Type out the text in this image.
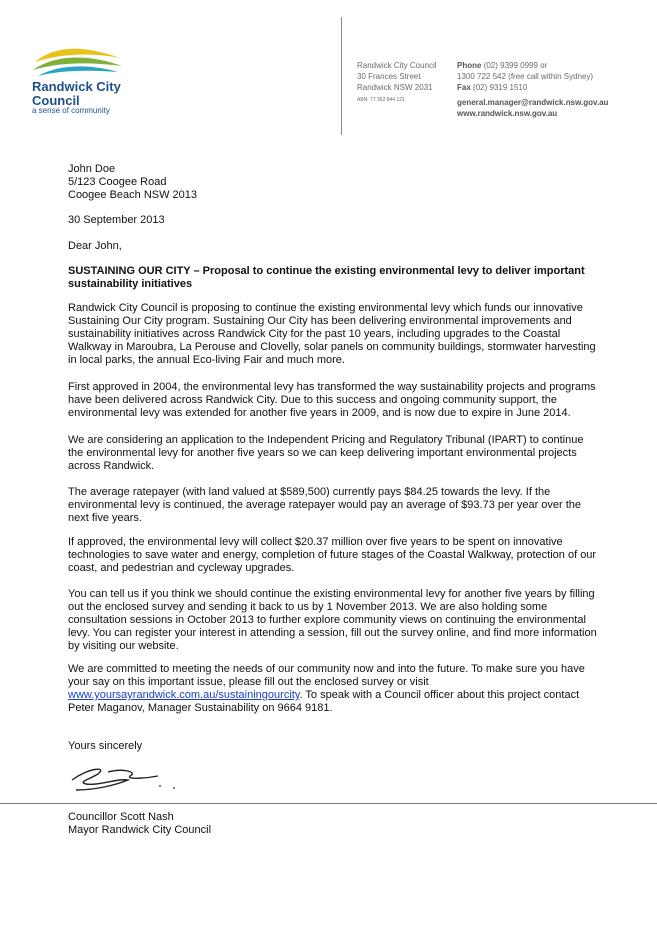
Randwick City
Council
a sense of community
Randwick City Council
30 Frances Street
Randwick NSW 2031
ABN: 77 362 844 121
Phone (02) 9399 0999 or
1300 722 542 (free call within Sydney)
Fax (02) 9319 1510
general.manager@randwick.nsw.gov.au
www.randwick.nsw.gov.au
John Doe
5/123 Coogee Road
Coogee Beach NSW 2013
30 September 2013
Dear John,
SUSTAINING OUR CITY – Proposal to continue the existing environmental levy to deliver important sustainability initiatives
Randwick City Council is proposing to continue the existing environmental levy which funds our innovative Sustaining Our City program. Sustaining Our City has been delivering environmental improvements and sustainability initiatives across Randwick City for the past 10 years, including upgrades to the Coastal Walkway in Maroubra, La Perouse and Clovelly, solar panels on community buildings, stormwater harvesting in local parks, the annual Eco-living Fair and much more.
First approved in 2004, the environmental levy has transformed the way sustainability projects and programs have been delivered across Randwick City. Due to this success and ongoing community support, the environmental levy was extended for another five years in 2009, and is now due to expire in June 2014.
We are considering an application to the Independent Pricing and Regulatory Tribunal (IPART) to continue the environmental levy for another five years so we can keep delivering important environmental projects across Randwick.
The average ratepayer (with land valued at $589,500) currently pays $84.25 towards the levy. If the environmental levy is continued, the average ratepayer would pay an average of $93.73 per year over the next five years.
If approved, the environmental levy will collect $20.37 million over five years to be spent on innovative technologies to save water and energy, completion of future stages of the Coastal Walkway, protection of our coast, and pedestrian and cycleway upgrades.
You can tell us if you think we should continue the existing environmental levy for another five years by filling out the enclosed survey and sending it back to us by 1 November 2013. We are also holding some consultation sessions in October 2013 to further explore community views on continuing the environmental levy. You can register your interest in attending a session, fill out the survey online, and find more information by visiting our website.
We are committed to meeting the needs of our community now and into the future. To make sure you have your say on this important issue, please fill out the enclosed survey or visit www.yoursayrandwick.com.au/sustainingourcity. To speak with a Council officer about this project contact Peter Maganov, Manager Sustainability on 9664 9181.
Yours sincerely
Councillor Scott Nash
Mayor Randwick City Council
